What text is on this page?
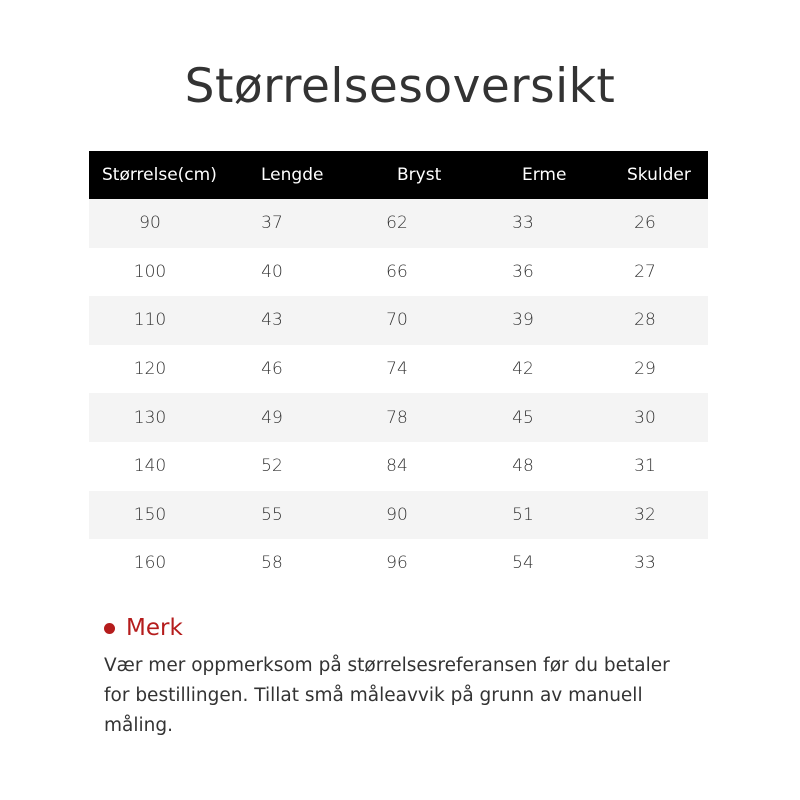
Størrelsesoversikt
Størrelse(cm)	Lengde	Bryst	Erme	Skulder
90	37	62	33	26
100	40	66	36	27
110	43	70	39	28
120	46	74	42	29
130	49	78	45	30
140	52	84	48	31
150	55	90	51	32
160	58	96	54	33
Merk
Vær mer oppmerksom på størrelsesreferansen før du betaler for bestillingen. Tillat små måleavvik på grunn av manuell måling.
